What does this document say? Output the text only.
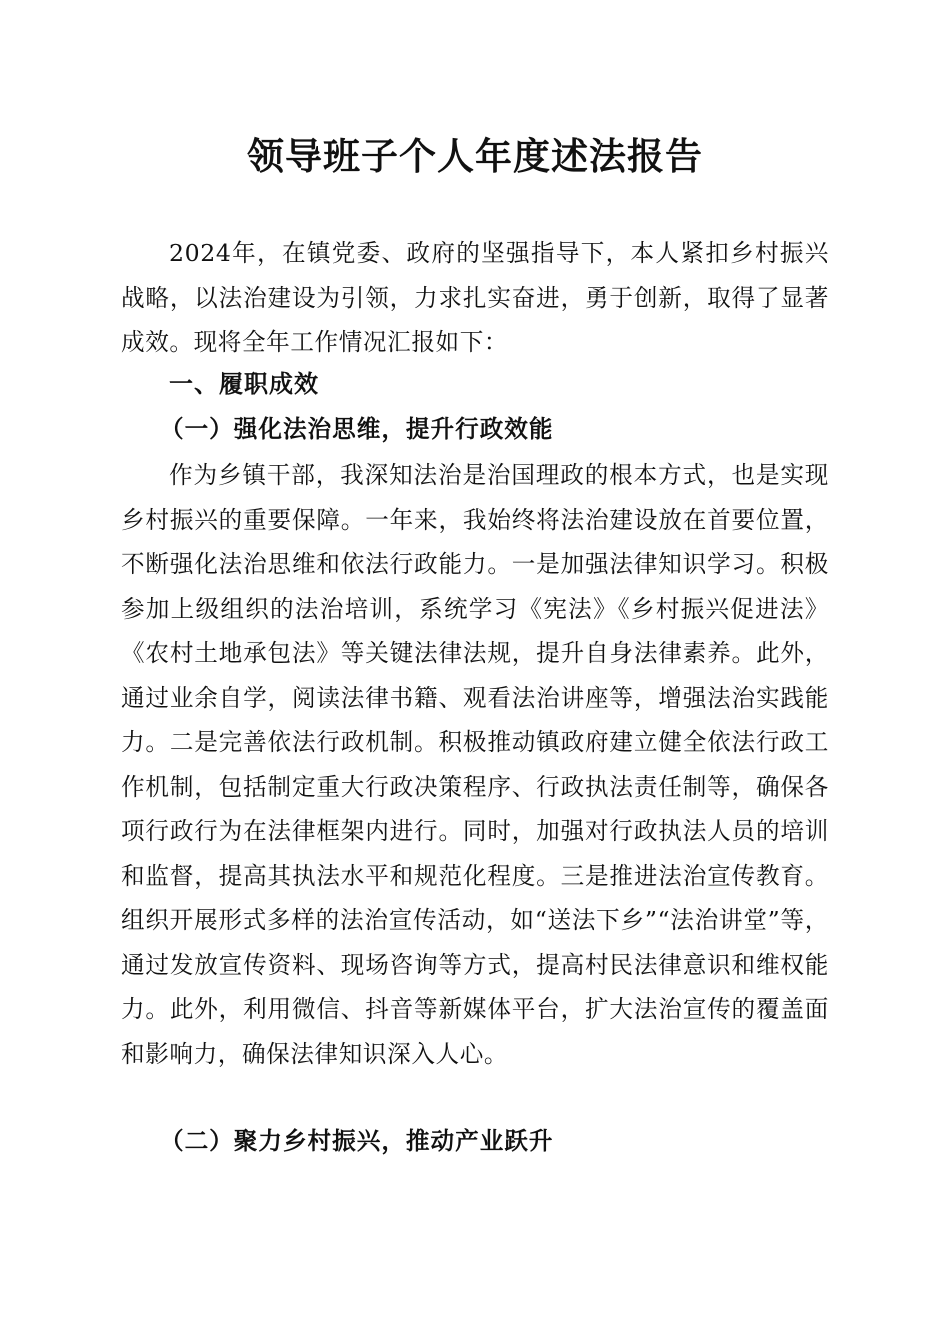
领导班子个人年度述法报告

2024年，在镇党委、政府的坚强指导下，本人紧扣乡村振兴战略，以法治建设为引领，力求扎实奋进，勇于创新，取得了显著成效。现将全年工作情况汇报如下：

一、履职成效
（一）强化法治思维，提升行政效能

作为乡镇干部，我深知法治是治国理政的根本方式，也是实现乡村振兴的重要保障。一年来，我始终将法治建设放在首要位置，不断强化法治思维和依法行政能力。一是加强法律知识学习。积极参加上级组织的法治培训，系统学习《宪法》《乡村振兴促进法》《农村土地承包法》等关键法律法规，提升自身法律素养。此外，通过业余自学，阅读法律书籍、观看法治讲座等，增强法治实践能力。二是完善依法行政机制。积极推动镇政府建立健全依法行政工作机制，包括制定重大行政决策程序、行政执法责任制等，确保各项行政行为在法律框架内进行。同时，加强对行政执法人员的培训和监督，提高其执法水平和规范化程度。三是推进法治宣传教育。组织开展形式多样的法治宣传活动，如“送法下乡”“法治讲堂”等，通过发放宣传资料、现场咨询等方式，提高村民法律意识和维权能力。此外，利用微信、抖音等新媒体平台，扩大法治宣传的覆盖面和影响力，确保法律知识深入人心。

（二）聚力乡村振兴，推动产业跃升
